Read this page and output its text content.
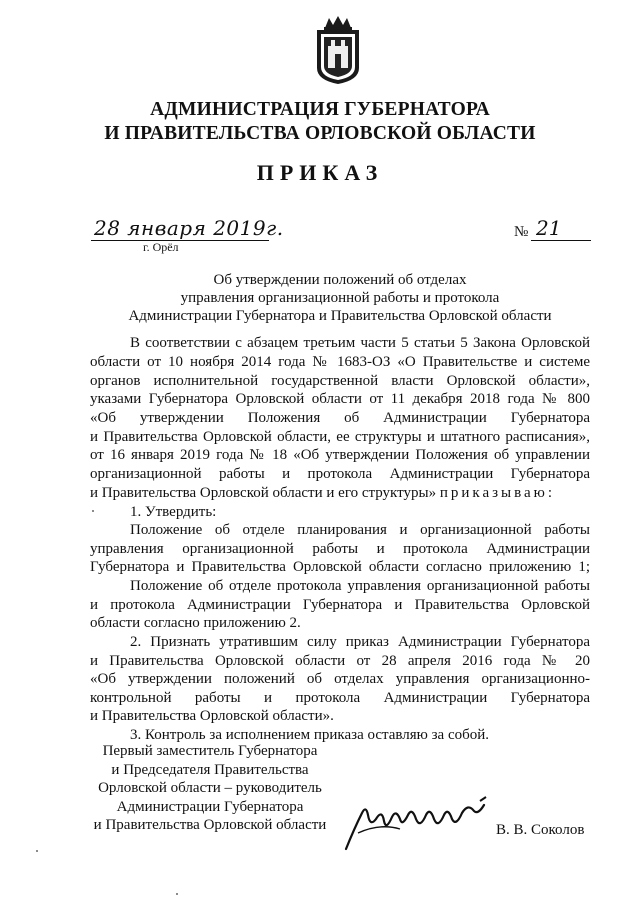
АДМИНИСТРАЦИЯ ГУБЕРНАТОРА
И ПРАВИТЕЛЬСТВА ОРЛОВСКОЙ ОБЛАСТИ
ПРИКАЗ
28 января 2019г.
г. Орёл
№ 21
Об утверждении положений об отделах
управления организационной работы и протокола
Администрации Губернатора и Правительства Орловской области
В соответствии с абзацем третьим части 5 статьи 5 Закона Орловской
области от 10 ноября 2014 года № 1683-ОЗ «О Правительстве и системе
органов исполнительной государственной власти Орловской области»,
указами Губернатора Орловской области от 11 декабря 2018 года № 800
«Об утверждении Положения об Администрации Губернатора
и Правительства Орловской области, ее структуры и штатного расписания»,
от 16 января 2019 года № 18 «Об утверждении Положения об управлении
организационной работы и протокола Администрации Губернатора
и Правительства Орловской области и его структуры» приказываю:
1. Утвердить:
Положение об отделе планирования и организационной работы
управления организационной работы и протокола Администрации
Губернатора и Правительства Орловской области согласно приложению 1;
Положение об отделе протокола управления организационной работы
и протокола Администрации Губернатора и Правительства Орловской
области согласно приложению 2.
2. Признать утратившим силу приказ Администрации Губернатора
и Правительства Орловской области от 28 апреля 2016 года № 20
«Об утверждении положений об отделах управления организационно-
контрольной работы и протокола Администрации Губернатора
и Правительства Орловской области».
3. Контроль за исполнением приказа оставляю за собой.
Первый заместитель Губернатора
и Председателя Правительства
Орловской области – руководитель
Администрации Губернатора
и Правительства Орловской области	В. В. Соколов
